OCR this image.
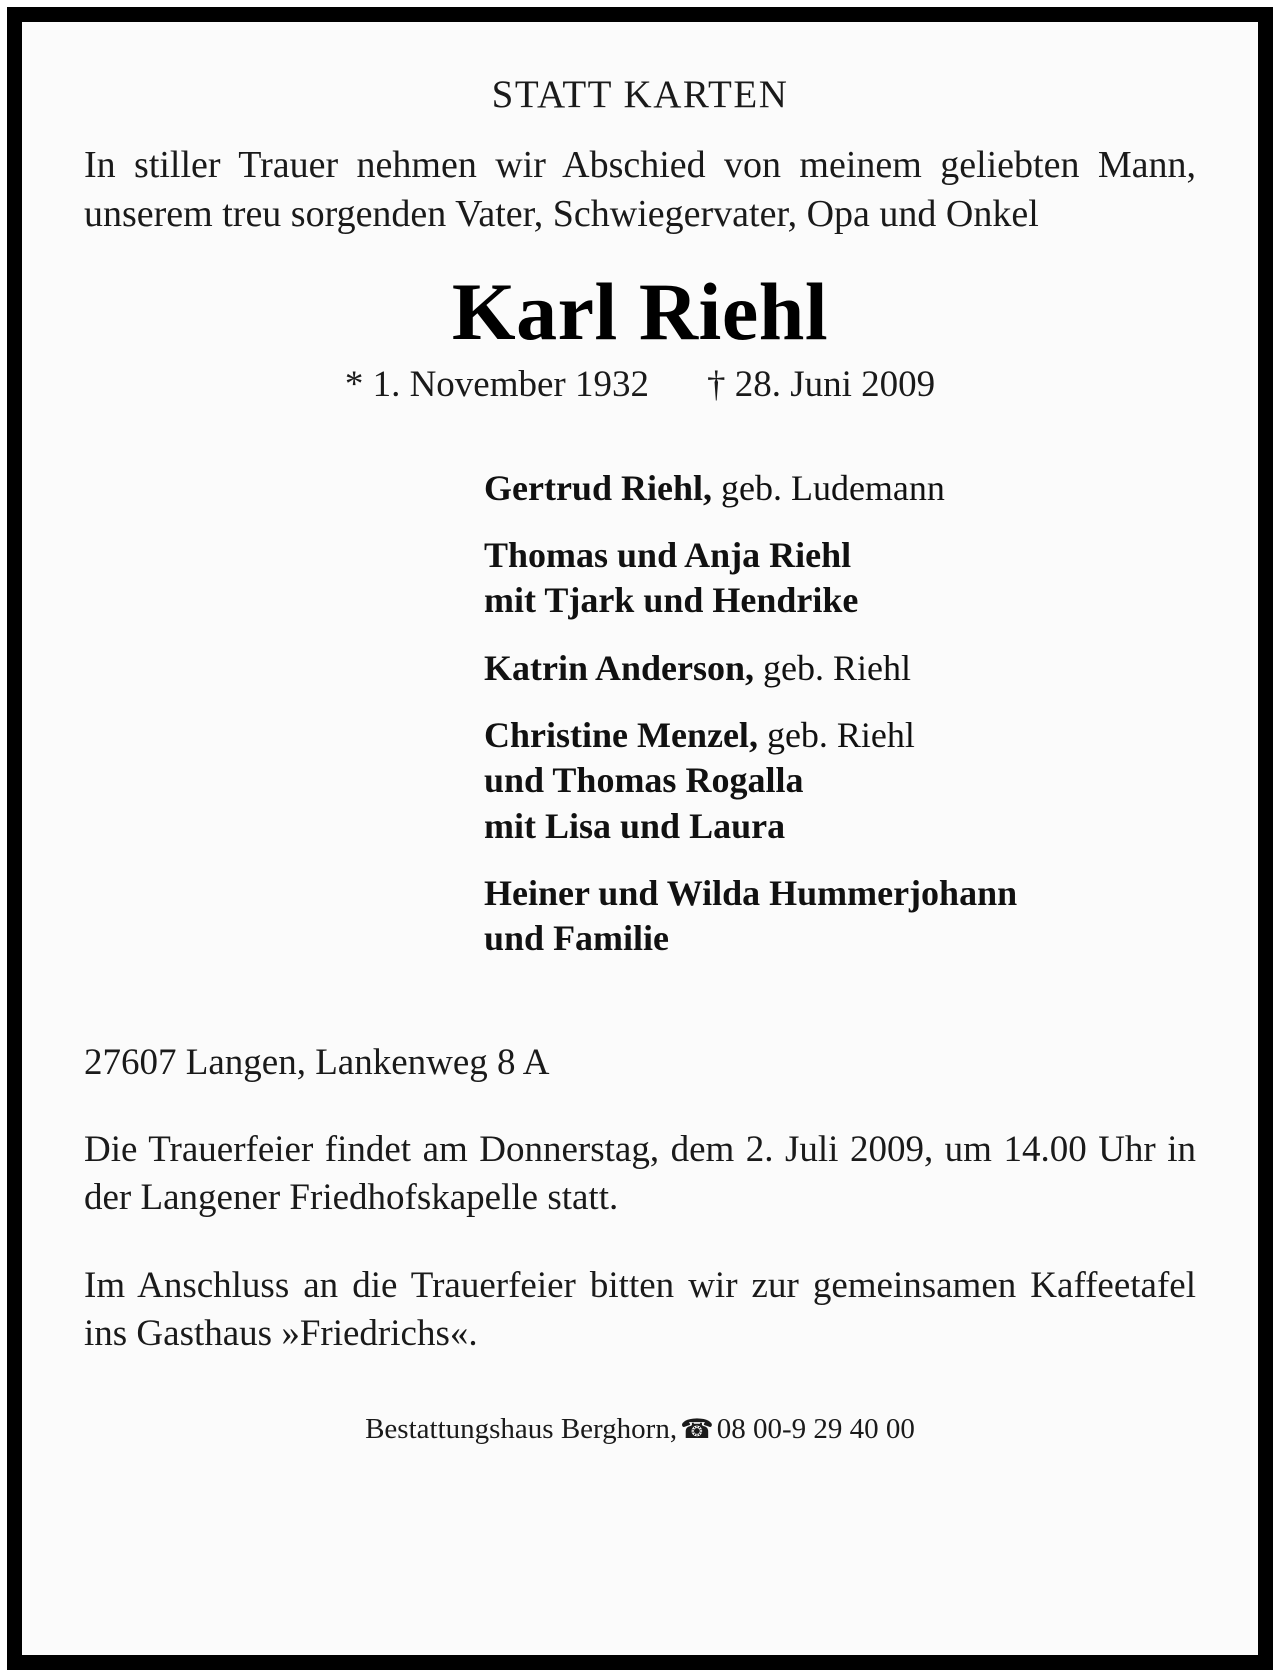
STATT KARTEN

In stiller Trauer nehmen wir Abschied von meinem geliebten Mann, unserem treu sorgenden Vater, Schwiegervater, Opa und Onkel

Karl Riehl
* 1. November 1932 † 28. Juni 2009
Gertrud Riehl, geb. Ludemann
Thomas und Anja Riehl
mit Tjark und Hendrike
Katrin Anderson, geb. Riehl
Christine Menzel, geb. Riehl
und Thomas Rogalla
mit Lisa und Laura
Heiner und Wilda Hummerjohann
und Familie

27607 Langen, Lankenweg 8 A

Die Trauerfeier findet am Donnerstag, dem 2. Juli 2009, um 14.00 Uhr in der Langener Friedhofskapelle statt.

Im Anschluss an die Trauerfeier bitten wir zur gemeinsamen Kaffeetafel ins Gasthaus »Friedrichs«.

Bestattungshaus Berghorn, ☎ 08 00-9 29 40 00
